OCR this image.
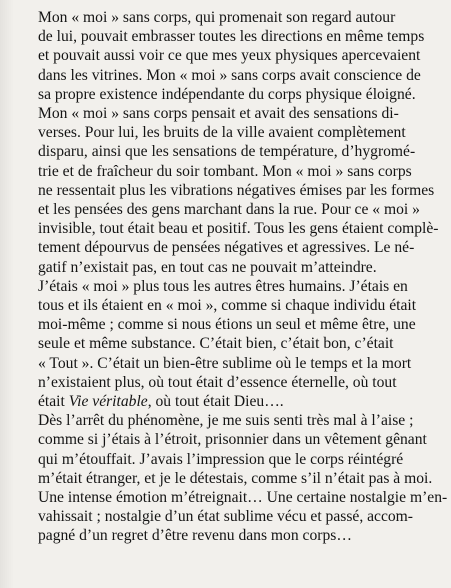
Mon « moi » sans corps, qui promenait son regard autour
de lui, pouvait embrasser toutes les directions en même temps
et pouvait aussi voir ce que mes yeux physiques apercevaient
dans les vitrines. Mon « moi » sans corps avait conscience de
sa propre existence indépendante du corps physique éloigné.
Mon « moi » sans corps pensait et avait des sensations di-
verses. Pour lui, les bruits de la ville avaient complètement
disparu, ainsi que les sensations de température, d’hygromé-
trie et de fraîcheur du soir tombant. Mon « moi » sans corps
ne ressentait plus les vibrations négatives émises par les formes
et les pensées des gens marchant dans la rue. Pour ce « moi »
invisible, tout était beau et positif. Tous les gens étaient complè-
tement dépourvus de pensées négatives et agressives. Le né-
gatif n’existait pas, en tout cas ne pouvait m’atteindre.

J’étais « moi » plus tous les autres êtres humains. J’étais en
tous et ils étaient en « moi », comme si chaque individu était
moi-même ; comme si nous étions un seul et même être, une
seule et même substance. C’était bien, c’était bon, c’était
« Tout ». C’était un bien-être sublime où le temps et la mort
n’existaient plus, où tout était d’essence éternelle, où tout
était Vie véritable, où tout était Dieu….

Dès l’arrêt du phénomène, je me suis senti très mal à l’aise ;
comme si j’étais à l’étroit, prisonnier dans un vêtement gênant
qui m’étouffait. J’avais l’impression que le corps réintégré
m’était étranger, et je le détestais, comme s’il n’était pas à moi.
Une intense émotion m’étreignait… Une certaine nostalgie m’en-
vahissait ; nostalgie d’un état sublime vécu et passé, accom-
pagné d’un regret d’être revenu dans mon corps…
